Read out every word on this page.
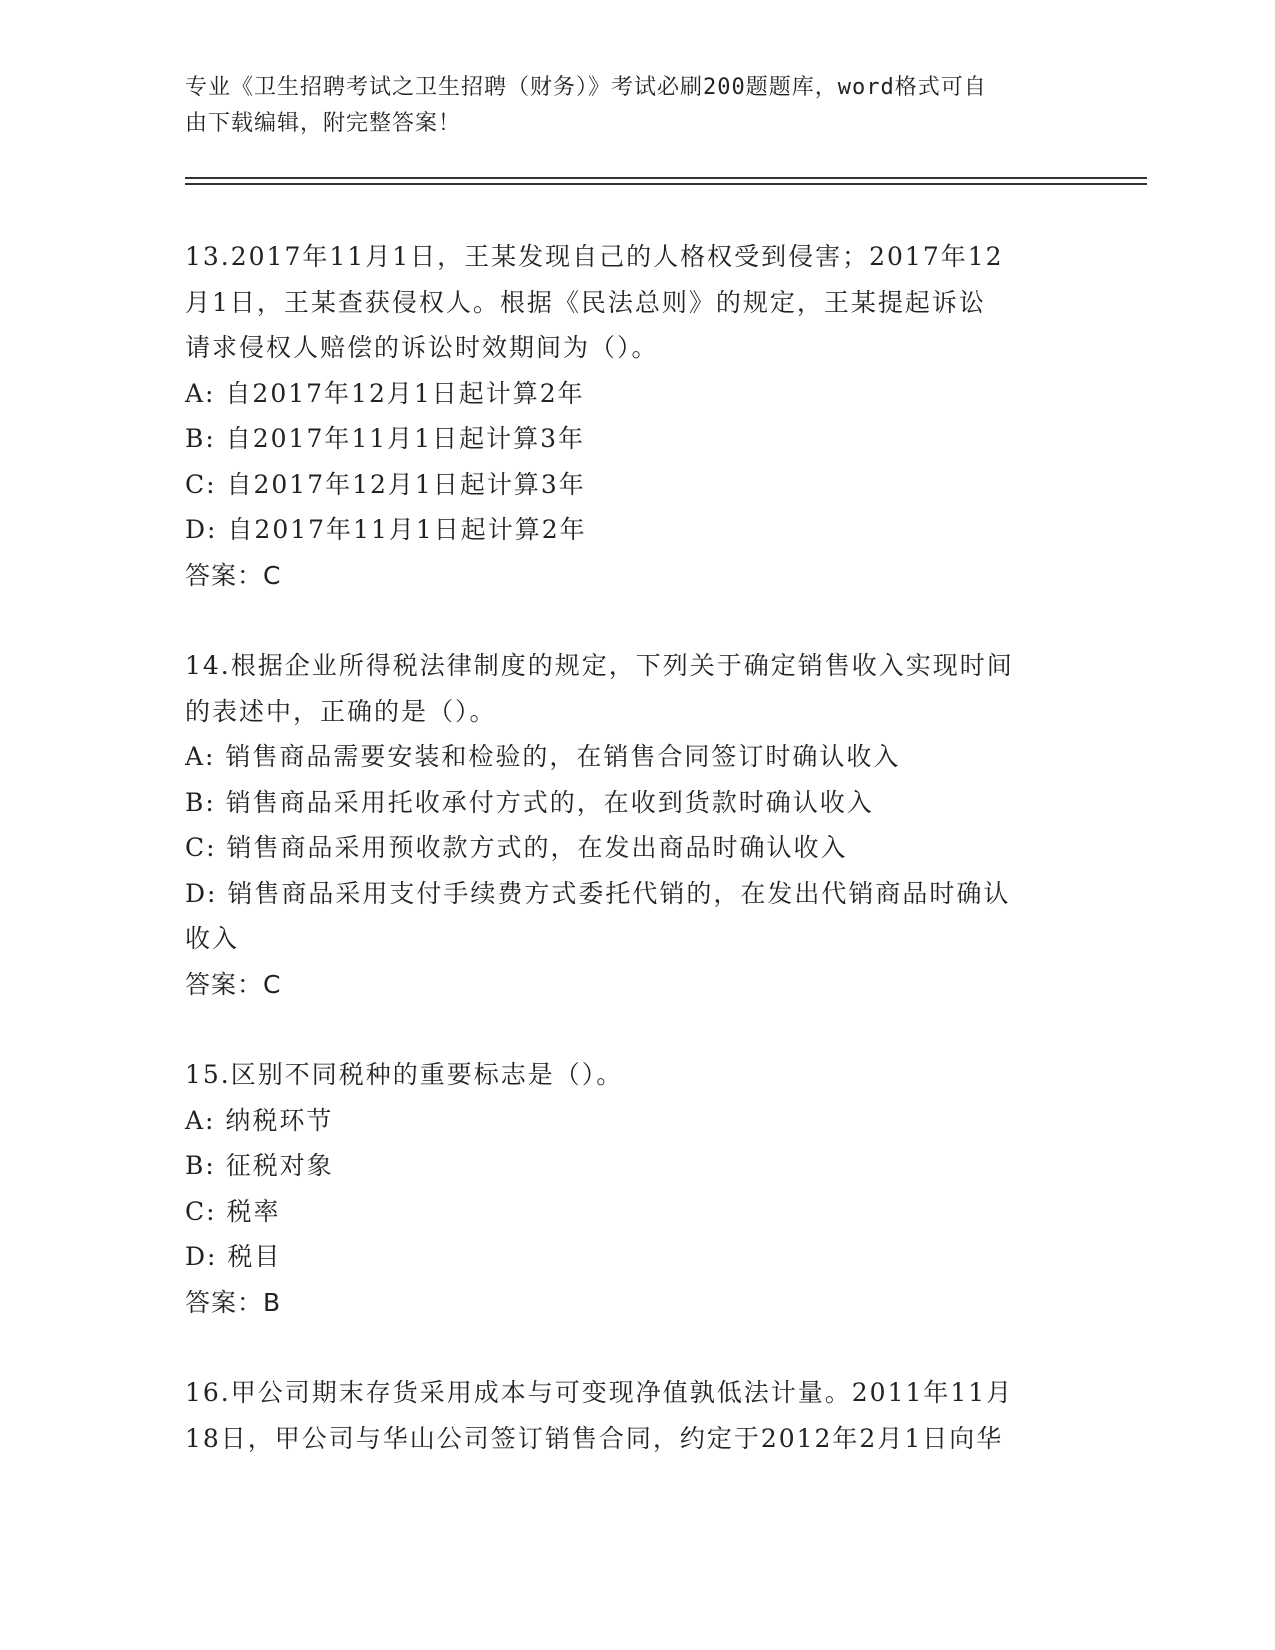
专业《卫生招聘考试之卫生招聘（财务）》考试必刷200题题库，word格式可自
由下载编辑，附完整答案！
13.2017年11月1日，王某发现自己的人格权受到侵害；2017年12
月1日，王某查获侵权人。根据《民法总则》的规定，王某提起诉讼
请求侵权人赔偿的诉讼时效期间为（）。
A: 自2017年12月1日起计算2年
B: 自2017年11月1日起计算3年
C: 自2017年12月1日起计算3年
D: 自2017年11月1日起计算2年
答案：C
14.根据企业所得税法律制度的规定，下列关于确定销售收入实现时间
的表述中，正确的是（）。
A: 销售商品需要安装和检验的，在销售合同签订时确认收入
B: 销售商品采用托收承付方式的，在收到货款时确认收入
C: 销售商品采用预收款方式的，在发出商品时确认收入
D: 销售商品采用支付手续费方式委托代销的，在发出代销商品时确认
收入
答案：C
15.区别不同税种的重要标志是（）。
A: 纳税环节
B: 征税对象
C: 税率
D: 税目
答案：B
16.甲公司期末存货采用成本与可变现净值孰低法计量。2011年11月
18日，甲公司与华山公司签订销售合同，约定于2012年2月1日向华
